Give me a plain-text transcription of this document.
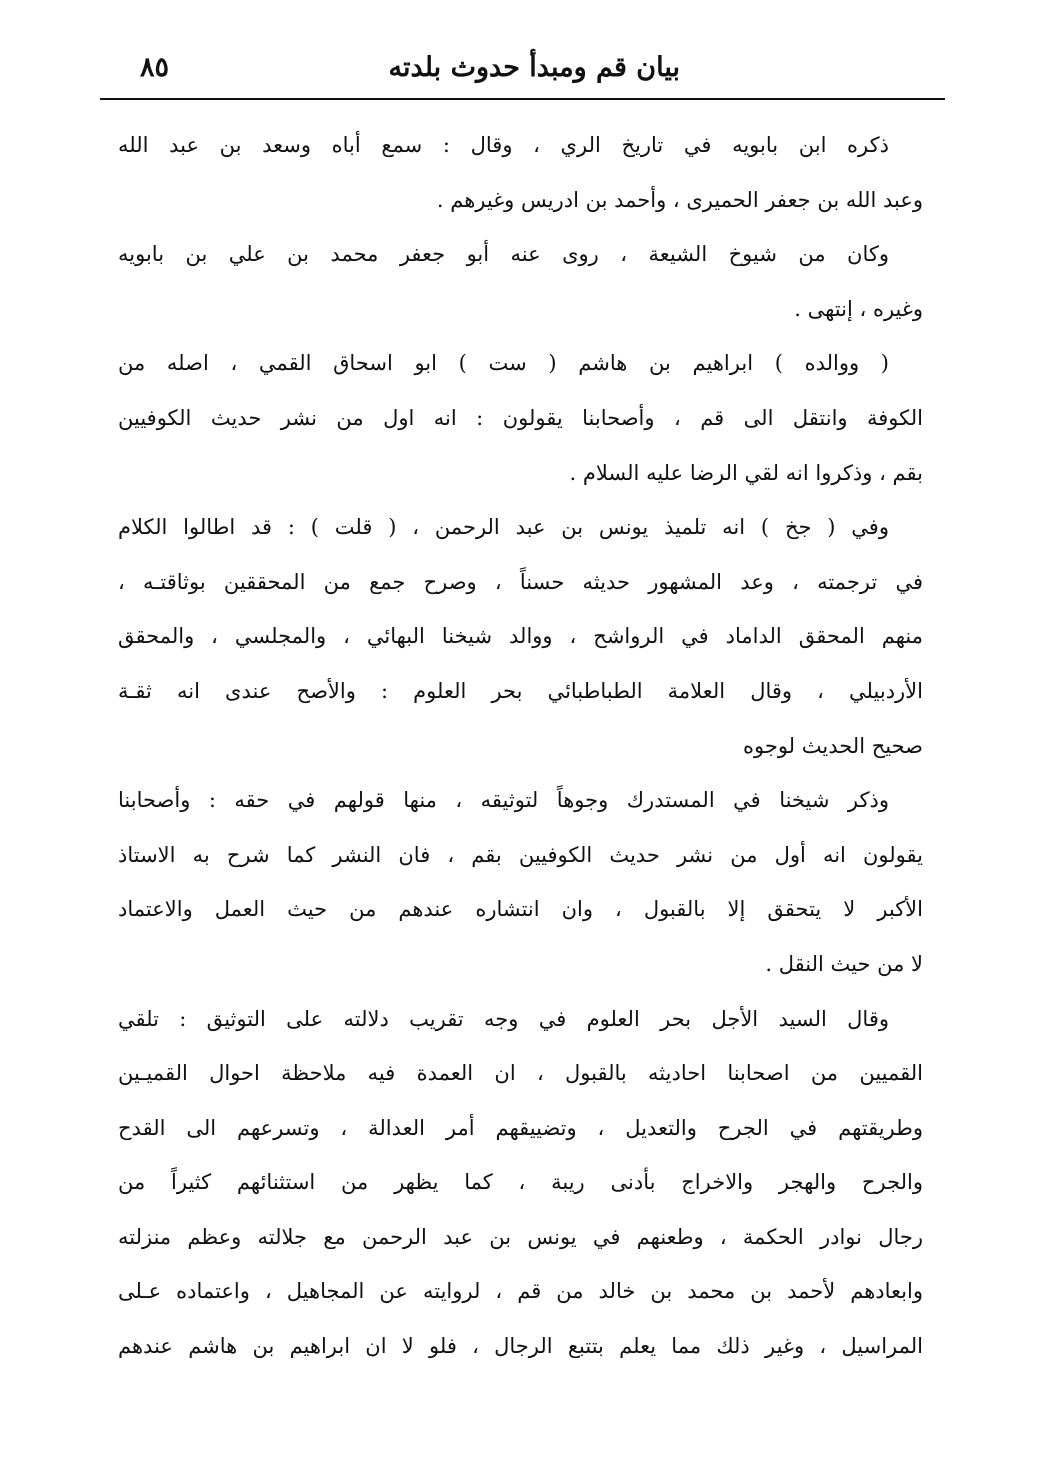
بيان قم ومبدأ حدوث بلدته
٨٥
ذكره ابن بابويه في تاريخ الري ، وقال : سمع أباه وسعد بن عبد الله
وعبد الله بن جعفر الحميرى ، وأحمد بن ادريس وغيرهم .
وكان من شيوخ الشيعة ، روى عنه أبو جعفر محمد بن علي بن بابويه
وغيره ، إنتهى .
( ووالده ) ابراهيم بن هاشم ( ست ) ابو اسحاق القمي ، اصله من
الكوفة وانتقل الى قم ، وأصحابنا يقولون : انه اول من نشر حديث الكوفيين
بقم ، وذكروا انه لقي الرضا عليه السلام .
وفي ( جخ ) انه تلميذ يونس بن عبد الرحمن ، ( قلت ) : قد اطالوا الكلام
في ترجمته ، وعد المشهور حديثه حسناً ، وصرح جمع من المحققين بوثاقتـه ،
منهم المحقق الداماد في الرواشح ، ووالد شيخنا البهائي ، والمجلسي ، والمحقق
الأردبيلي ، وقال العلامة الطباطبائي بحر العلوم : والأصح عندى انه ثقـة
صحيح الحديث لوجوه
وذكر شيخنا في المستدرك وجوهاً لتوثيقه ، منها قولهم في حقه : وأصحابنا
يقولون انه أول من نشر حديث الكوفيين بقم ، فان النشر كما شرح به الاستاذ
الأكبر لا يتحقق إلا بالقبول ، وان انتشاره عندهم من حيث العمل والاعتماد
لا من حيث النقل .
وقال السيد الأجل بحر العلوم في وجه تقريب دلالته على التوثيق : تلقي
القميين من اصحابنا احاديثه بالقبول ، ان العمدة فيه ملاحظة احوال القميـين
وطريقتهم في الجرح والتعديل ، وتضييقهم أمر العدالة ، وتسرعهم الى القدح
والجرح والهجر والاخراج بأدنى ريبة ، كما يظهر من استثنائهم كثيراً من
رجال نوادر الحكمة ، وطعنهم في يونس بن عبد الرحمن مع جلالته وعظم منزلته
وابعادهم لأحمد بن محمد بن خالد من قم ، لروايته عن المجاهيل ، واعتماده عـلى
المراسيل ، وغير ذلك مما يعلم بتتبع الرجال ، فلو لا ان ابراهيم بن هاشم عندهم
